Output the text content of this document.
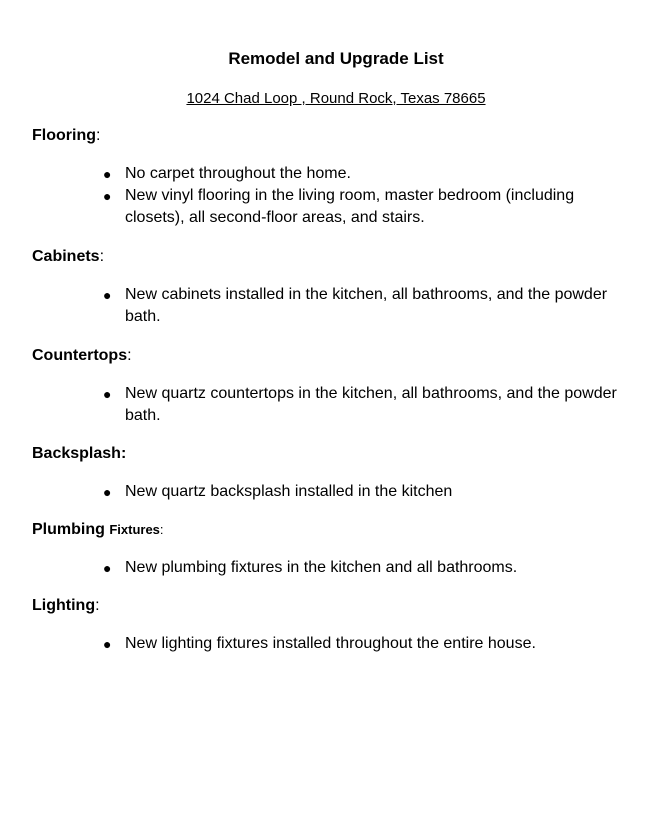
Remodel and Upgrade List
1024 Chad Loop , Round Rock, Texas 78665
Flooring:
● No carpet throughout the home.
● New vinyl flooring in the living room, master bedroom (including closets), all second-floor areas, and stairs.
Cabinets:
● New cabinets installed in the kitchen, all bathrooms, and the powder bath.
Countertops:
● New quartz countertops in the kitchen, all bathrooms, and the powder bath.
Backsplash:
● New quartz backsplash installed in the kitchen
Plumbing Fixtures:
● New plumbing fixtures in the kitchen and all bathrooms.
Lighting:
● New lighting fixtures installed throughout the entire house.
